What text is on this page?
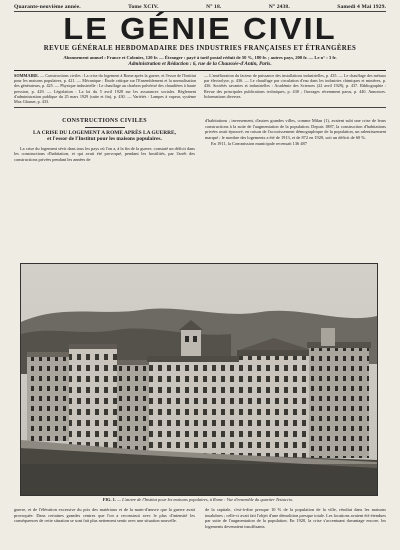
Quarante-neuvième année.	Tome XCIV.	N° 18.	N° 2438.	Samedi 4 Mai 1929.
LE GÉNIE CIVIL
REVUE GÉNÉRALE HEBDOMADAIRE DES INDUSTRIES FRANÇAISES ET ÉTRANGÈRES
Abonnement annuel : France et Colonies, 120 fr. — Étranger : payé à tarif postal réduit de 50 %, 180 fr. ; autres pays, 200 fr. — Le n° : 3 fr.
Administration et Rédaction : 6, rue de la Chaussée-d'Antin, Paris.
SOMMAIRE. — Constructions civiles : La crise du logement à Rome après la guerre, et l'essor de l'Institut pour les maisons populaires, p. 421. — Mécanique : Étude critique sur l'Ensemblement et la normalisation des générateurs, p. 425. — Physique industrielle : Le chauffage au charbon pulvérisé des chaudières à haute pression, p. 429. — Législation : La loi du 5 avril 1928 sur les assurances sociales. Règlement d'administration publique du 25 mars 1929 (suite et fin), p. 430. — Variétés : Lampes à vapeur, système Max Glauser, p. 433.
— L'amélioration du facteur de puissance des installations industrielles, p. 435. — Le chauffage des métaux par électrolyse, p. 436. — Le chauffage par circulation d'eau dans les industries chimiques et minières, p. 436. Sociétés savantes et industrielles : Académie des Sciences (22 avril 1929), p. 437. Bibliographie : Revue des principales publications techniques, p. 438 ; Ouvrages récemment parus, p. 440. Annonces. Informations diverses.
CONSTRUCTIONS CIVILES
LA CRISE DU LOGEMENT A ROME APRÈS LA GUERRE,
et l'essor de l'Institut pour les maisons populaires.
La crise du logement sévit dans tous les pays où l'on a, à la fin de la guerre, constaté un déficit dans les constructions d'habitation, et qui avait été provoqué, pendant les hostilités, par l'arrêt des constructions privées pendant les années de
d'habitations ; inversement, d'autres grandes villes, comme Milan (1), avaient subi une crise de leurs constructions à la suite de l'augmentation de la population. Depuis 1887, la construction d'habitations privées avait éprouvé, en raison de l'accroissement démographique de la population, un ralentissement marqué ; le nombre des logements a été de 1913, et de 872 en 1920, soit un déficit de 60 %.
En 1911, la Commission municipale recensait 136 487
FIG. 1. — L'œuvre de l'Institut pour les maisons populaires, à Rome : Vue d'ensemble du quartier Testaccio.
guerre, et de l'élévation excessive du prix des matériaux et de la main-d'œuvre que la guerre avait provoquée. Dans certaines grandes centres que l'on a reconstruit avec le plus d'intensité les conséquences de cette situation se sont fait plus nettement sentir avec une situation nouvelle.
de la capitale, c'est-à-dire presque 10 % de la population de la ville, résultat dans les maisons insalubres ; celle-ci avait fait l'objet d'une démolition presque totale. Les locations avaient été étendues par suite de l'augmentation de la population. En 1920, la crise s'accentuant davantage encore, les logements devenaient insuffisants.
